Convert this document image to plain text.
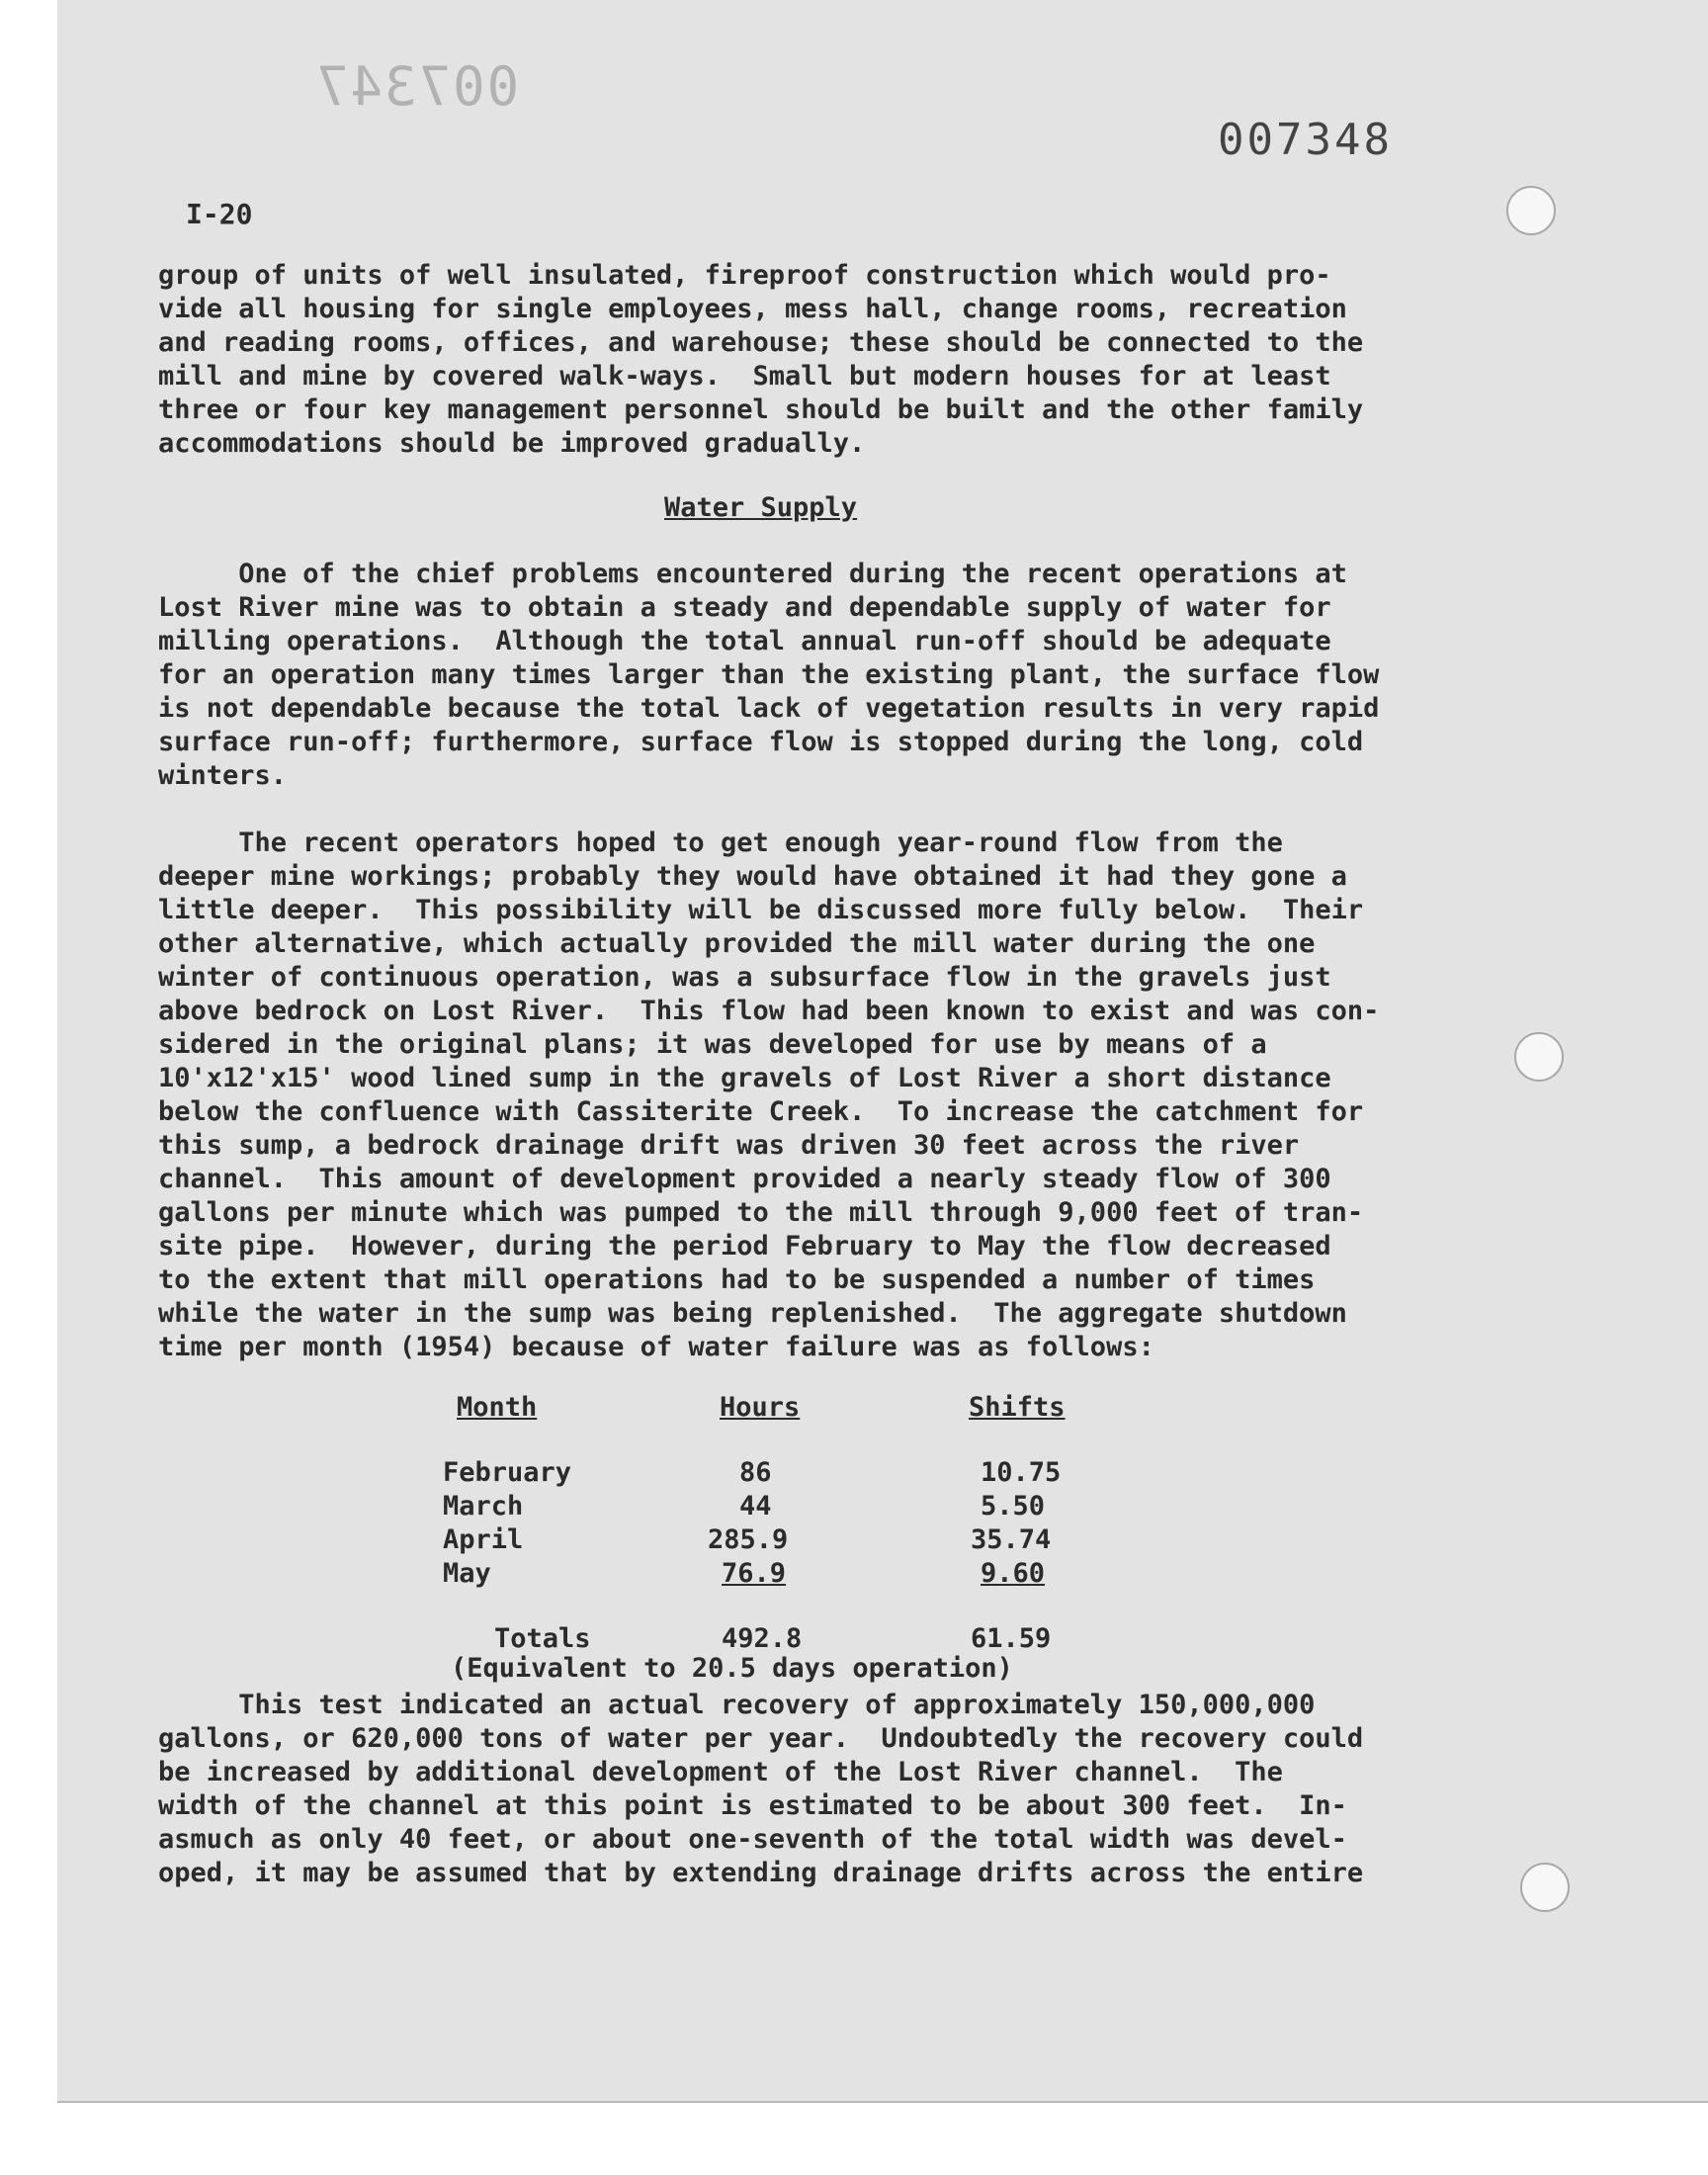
007347
007348
I-20
group of units of well insulated, fireproof construction which would pro-
vide all housing for single employees, mess hall, change rooms, recreation
and reading rooms, offices, and warehouse; these should be connected to the
mill and mine by covered walk-ways.  Small but modern houses for at least
three or four key management personnel should be built and the other family
accommodations should be improved gradually.
Water Supply
One of the chief problems encountered during the recent operations at
Lost River mine was to obtain a steady and dependable supply of water for
milling operations.  Although the total annual run-off should be adequate
for an operation many times larger than the existing plant, the surface flow
is not dependable because the total lack of vegetation results in very rapid
surface run-off; furthermore, surface flow is stopped during the long, cold
winters.
The recent operators hoped to get enough year-round flow from the
deeper mine workings; probably they would have obtained it had they gone a
little deeper.  This possibility will be discussed more fully below.  Their
other alternative, which actually provided the mill water during the one
winter of continuous operation, was a subsurface flow in the gravels just
above bedrock on Lost River.  This flow had been known to exist and was con-
sidered in the original plans; it was developed for use by means of a
10'x12'x15' wood lined sump in the gravels of Lost River a short distance
below the confluence with Cassiterite Creek.  To increase the catchment for
this sump, a bedrock drainage drift was driven 30 feet across the river
channel.  This amount of development provided a nearly steady flow of 300
gallons per minute which was pumped to the mill through 9,000 feet of tran-
site pipe.  However, during the period February to May the flow decreased
to the extent that mill operations had to be suspended a number of times
while the water in the sump was being replenished.  The aggregate shutdown
time per month (1954) because of water failure was as follows:
Month	Hours	Shifts
February	86	10.75
March	44	5.50
April	285.9	35.74
May	76.9	9.60
Totals	492.8	61.59
(Equivalent to 20.5 days operation)
This test indicated an actual recovery of approximately 150,000,000
gallons, or 620,000 tons of water per year.  Undoubtedly the recovery could
be increased by additional development of the Lost River channel.  The
width of the channel at this point is estimated to be about 300 feet.  In-
asmuch as only 40 feet, or about one-seventh of the total width was devel-
oped, it may be assumed that by extending drainage drifts across the entire
